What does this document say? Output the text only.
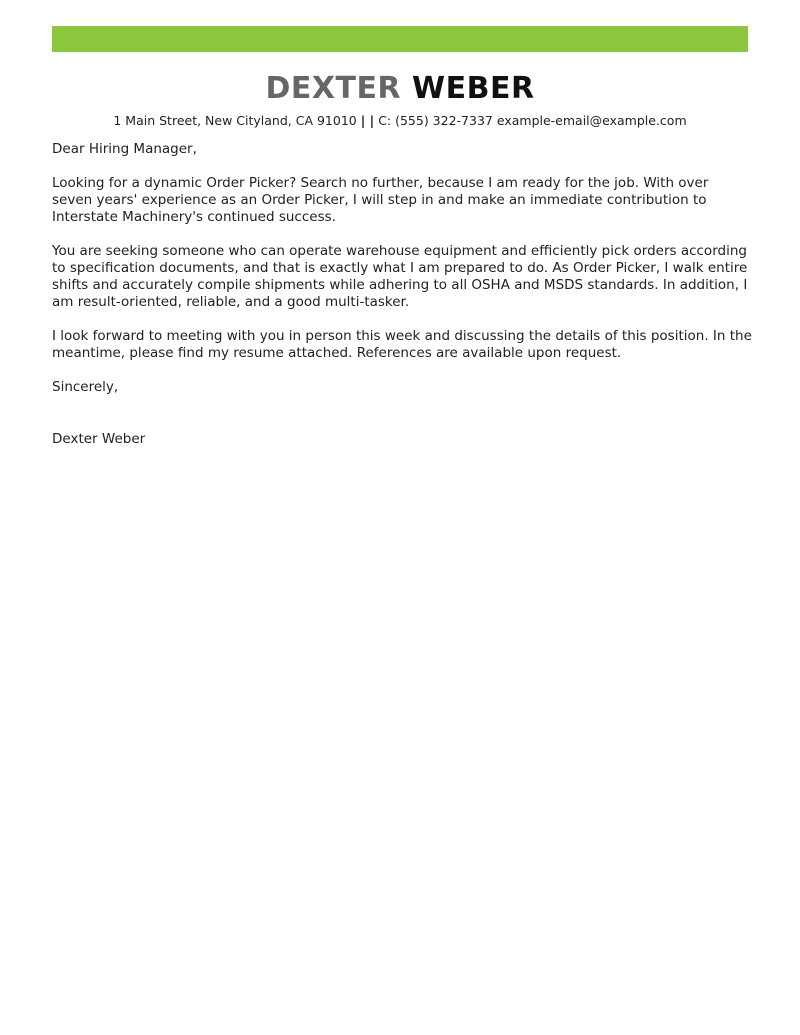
DEXTER WEBER
1 Main Street, New Cityland, CA 91010 | | C: (555) 322-7337 example-email@example.com

Dear Hiring Manager,

Looking for a dynamic Order Picker? Search no further, because I am ready for the job. With over seven years' experience as an Order Picker, I will step in and make an immediate contribution to Interstate Machinery's continued success.

You are seeking someone who can operate warehouse equipment and efficiently pick orders according to specification documents, and that is exactly what I am prepared to do. As Order Picker, I walk entire shifts and accurately compile shipments while adhering to all OSHA and MSDS standards. In addition, I am result-oriented, reliable, and a good multi-tasker.

I look forward to meeting with you in person this week and discussing the details of this position. In the meantime, please find my resume attached. References are available upon request.

Sincerely,

Dexter Weber
